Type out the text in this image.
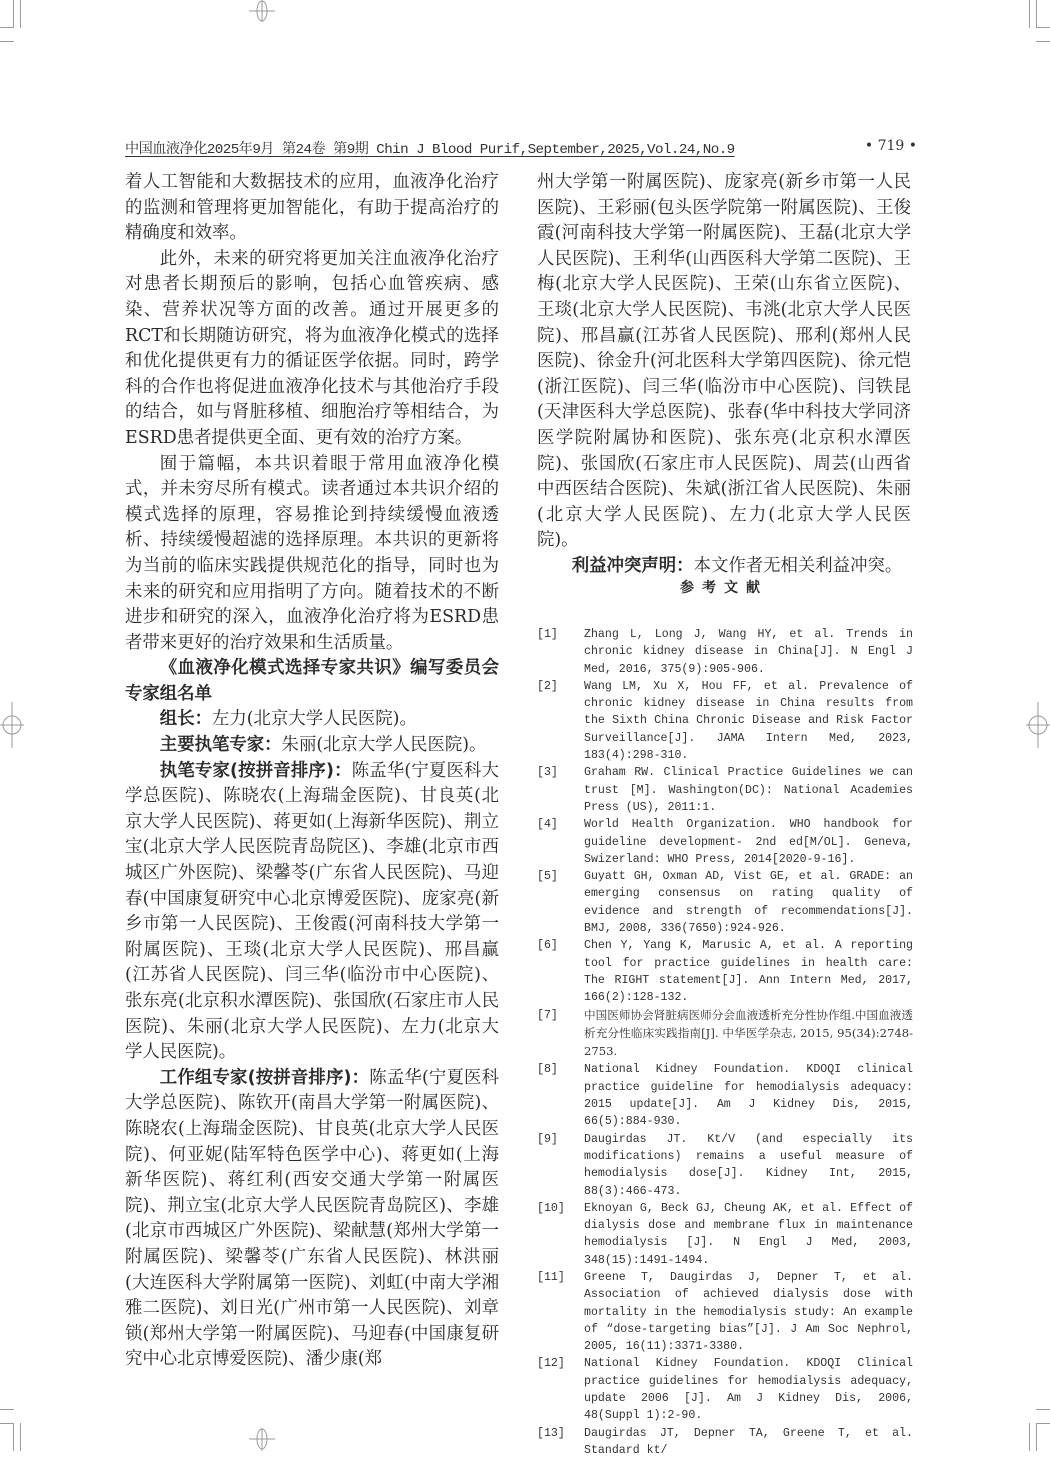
中国血液净化2025年9月 第24卷 第9期 Chin J Blood Purif,September,2025,Vol.24,No.9	• 719 •

着人工智能和大数据技术的应用，血液净化治疗的监测和管理将更加智能化，有助于提高治疗的精确度和效率。

此外，未来的研究将更加关注血液净化治疗对患者长期预后的影响，包括心血管疾病、感染、营养状况等方面的改善。通过开展更多的RCT和长期随访研究，将为血液净化模式的选择和优化提供更有力的循证医学依据。同时，跨学科的合作也将促进血液净化技术与其他治疗手段的结合，如与肾脏移植、细胞治疗等相结合，为ESRD患者提供更全面、更有效的治疗方案。

囿于篇幅，本共识着眼于常用血液净化模式，并未穷尽所有模式。读者通过本共识介绍的模式选择的原理，容易推论到持续缓慢血液透析、持续缓慢超滤的选择原理。本共识的更新将为当前的临床实践提供规范化的指导，同时也为未来的研究和应用指明了方向。随着技术的不断进步和研究的深入，血液净化治疗将为ESRD患者带来更好的治疗效果和生活质量。

《血液净化模式选择专家共识》编写委员会专家组名单

组长：左力(北京大学人民医院)。

主要执笔专家：朱丽(北京大学人民医院)。

执笔专家(按拼音排序)：陈孟华(宁夏医科大学总医院)、陈晓农(上海瑞金医院)、甘良英(北京大学人民医院)、蒋更如(上海新华医院)、荆立宝(北京大学人民医院青岛院区)、李雄(北京市西城区广外医院)、梁馨苓(广东省人民医院)、马迎春(中国康复研究中心北京博爱医院)、庞家亮(新乡市第一人民医院)、王俊霞(河南科技大学第一附属医院)、王琰(北京大学人民医院)、邢昌赢(江苏省人民医院)、闫三华(临汾市中心医院)、张东亮(北京积水潭医院)、张国欣(石家庄市人民医院)、朱丽(北京大学人民医院)、左力(北京大学人民医院)。

工作组专家(按拼音排序)：陈孟华(宁夏医科大学总医院)、陈钦开(南昌大学第一附属医院)、陈晓农(上海瑞金医院)、甘良英(北京大学人民医院)、何亚妮(陆军特色医学中心)、蒋更如(上海新华医院)、蒋红利(西安交通大学第一附属医院)、荆立宝(北京大学人民医院青岛院区)、李雄(北京市西城区广外医院)、梁献慧(郑州大学第一附属医院)、梁馨苓(广东省人民医院)、林洪丽(大连医科大学附属第一医院)、刘虹(中南大学湘雅二医院)、刘日光(广州市第一人民医院)、刘章锁(郑州大学第一附属医院)、马迎春(中国康复研究中心北京博爱医院)、潘少康(郑

州大学第一附属医院)、庞家亮(新乡市第一人民医院)、王彩丽(包头医学院第一附属医院)、王俊霞(河南科技大学第一附属医院)、王磊(北京大学人民医院)、王利华(山西医科大学第二医院)、王梅(北京大学人民医院)、王荣(山东省立医院)、王琰(北京大学人民医院)、韦洮(北京大学人民医院)、邢昌赢(江苏省人民医院)、邢利(郑州人民医院)、徐金升(河北医科大学第四医院)、徐元恺(浙江医院)、闫三华(临汾市中心医院)、闫铁昆(天津医科大学总医院)、张春(华中科技大学同济医学院附属协和医院)、张东亮(北京积水潭医院)、张国欣(石家庄市人民医院)、周芸(山西省中西医结合医院)、朱斌(浙江省人民医院)、朱丽(北京大学人民医院)、左力(北京大学人民医院)。

利益冲突声明：本文作者无相关利益冲突。

参考文献
[1] Zhang L, Long J, Wang HY, et al. Trends in chronic kidney disease in China[J]. N Engl J Med, 2016, 375(9):905-906.
[2] Wang LM, Xu X, Hou FF, et al. Prevalence of chronic kidney disease in China results from the Sixth China Chronic Disease and Risk Factor Surveillance[J]. JAMA Intern Med, 2023, 183(4):298-310.
[3] Graham RW. Clinical Practice Guidelines we can trust [M]. Washington(DC): National Academies Press (US), 2011:1.
[4] World Health Organization. WHO handbook for guideline development- 2nd ed[M/OL]. Geneva, Swizerland: WHO Press, 2014[2020-9-16].
[5] Guyatt GH, Oxman AD, Vist GE, et al. GRADE: an emerging consensus on rating quality of evidence and strength of recommendations[J]. BMJ, 2008, 336(7650):924-926.
[6] Chen Y, Yang K, Marusic A, et al. A reporting tool for practice guidelines in health care: The RIGHT statement[J]. Ann Intern Med, 2017, 166(2):128-132.
[7] 中国医师协会肾脏病医师分会血液透析充分性协作组.中国血液透析充分性临床实践指南[J]. 中华医学杂志, 2015, 95(34):2748-2753.
[8] National Kidney Foundation. KDOQI clinical practice guideline for hemodialysis adequacy: 2015 update[J]. Am J Kidney Dis, 2015, 66(5):884-930.
[9] Daugirdas JT. Kt/V (and especially its modifications) remains a useful measure of hemodialysis dose[J]. Kidney Int, 2015, 88(3):466-473.
[10] Eknoyan G, Beck GJ, Cheung AK, et al. Effect of dialysis dose and membrane flux in maintenance hemodialysis [J]. N Engl J Med, 2003, 348(15):1491-1494.
[11] Greene T, Daugirdas J, Depner T, et al. Association of achieved dialysis dose with mortality in the hemodialysis study: An example of “dose-targeting bias”[J]. J Am Soc Nephrol, 2005, 16(11):3371-3380.
[12] National Kidney Foundation. KDOQI Clinical practice guidelines for hemodialysis adequacy, update 2006 [J]. Am J Kidney Dis, 2006, 48(Suppl 1):2-90.
[13] Daugirdas JT, Depner TA, Greene T, et al. Standard kt/
